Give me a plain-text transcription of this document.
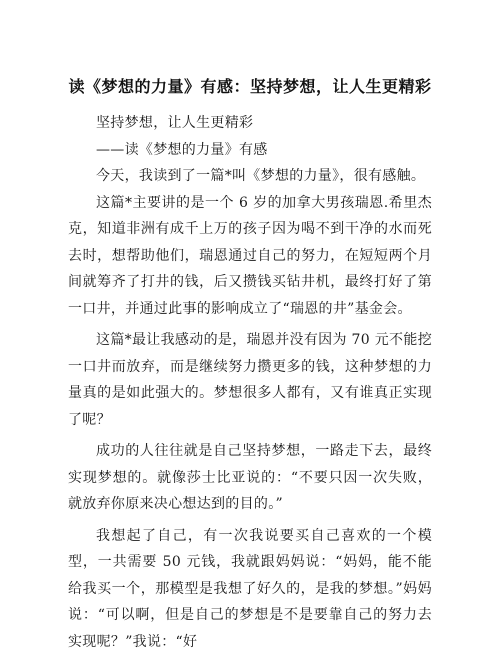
读《梦想的力量》有感：坚持梦想，让人生更精彩

坚持梦想，让人生更精彩

——读《梦想的力量》有感

今天，我读到了一篇*叫《梦想的力量》，很有感触。

这篇*主要讲的是一个 6 岁的加拿大男孩瑞恩.希里杰克，知道非洲有成千上万的孩子因为喝不到干净的水而死去时，想帮助他们，瑞恩通过自己的努力，在短短两个月间就筹齐了打井的钱，后又攒钱买钻井机，最终打好了第一口井，并通过此事的影响成立了“瑞恩的井”基金会。

这篇*最让我感动的是，瑞恩并没有因为 70 元不能挖一口井而放弃，而是继续努力攒更多的钱，这种梦想的力量真的是如此强大的。梦想很多人都有，又有谁真正实现了呢？

成功的人往往就是自己坚持梦想，一路走下去，最终实现梦想的。就像莎士比亚说的：“不要只因一次失败，就放弃你原来决心想达到的目的。”

我想起了自己，有一次我说要买自己喜欢的一个模型，一共需要 50 元钱，我就跟妈妈说：“妈妈，能不能给我买一个，那模型是我想了好久的，是我的梦想。”妈妈说：“可以啊，但是自己的梦想是不是要靠自己的努力去实现呢？”我说：“好
